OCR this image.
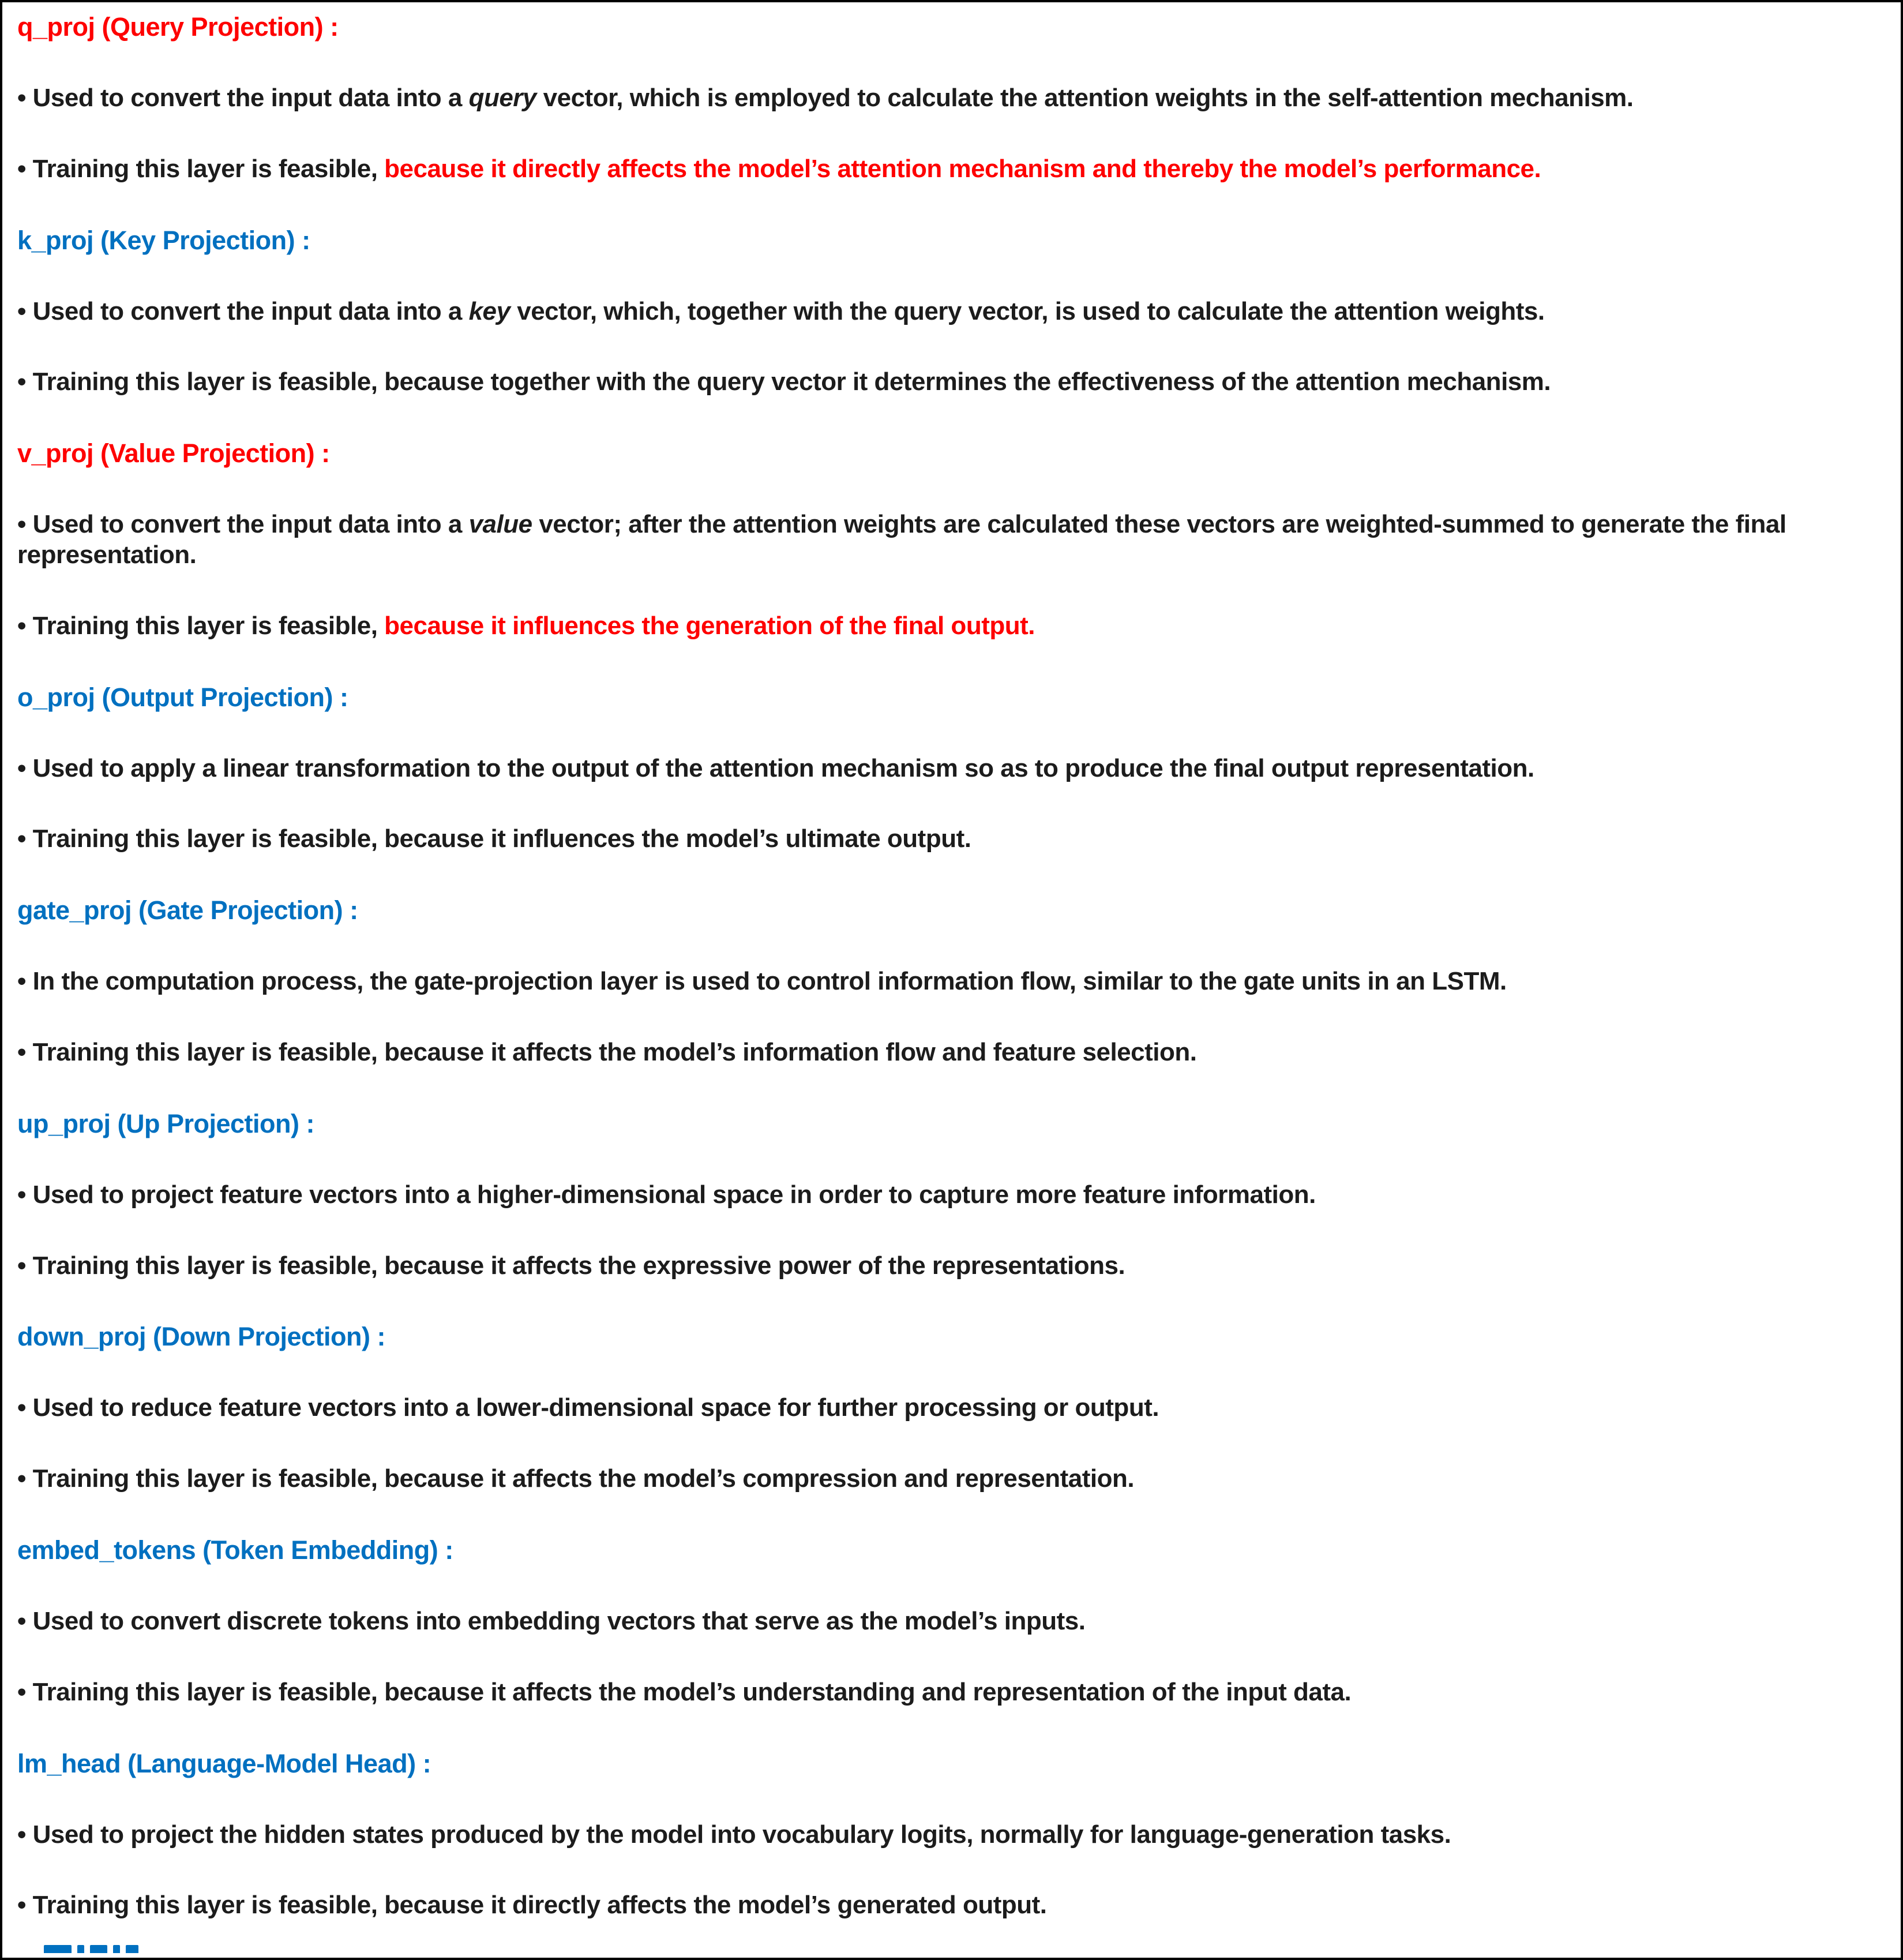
q_proj (Query Projection) :

• Used to convert the input data into a query vector, which is employed to calculate the attention weights in the self-attention mechanism.

• Training this layer is feasible, because it directly affects the model’s attention mechanism and thereby the model’s performance.

k_proj (Key Projection) :

• Used to convert the input data into a key vector, which, together with the query vector, is used to calculate the attention weights.

• Training this layer is feasible, because together with the query vector it determines the effectiveness of the attention mechanism.

v_proj (Value Projection) :

• Used to convert the input data into a value vector; after the attention weights are calculated these vectors are weighted-summed to generate the final representation.

• Training this layer is feasible, because it influences the generation of the final output.

o_proj (Output Projection) :

• Used to apply a linear transformation to the output of the attention mechanism so as to produce the final output representation.

• Training this layer is feasible, because it influences the model’s ultimate output.

gate_proj (Gate Projection) :

• In the computation process, the gate-projection layer is used to control information flow, similar to the gate units in an LSTM.

• Training this layer is feasible, because it affects the model’s information flow and feature selection.

up_proj (Up Projection) :

• Used to project feature vectors into a higher-dimensional space in order to capture more feature information.

• Training this layer is feasible, because it affects the expressive power of the representations.

down_proj (Down Projection) :

• Used to reduce feature vectors into a lower-dimensional space for further processing or output.

• Training this layer is feasible, because it affects the model’s compression and representation.

embed_tokens (Token Embedding) :

• Used to convert discrete tokens into embedding vectors that serve as the model’s inputs.

• Training this layer is feasible, because it affects the model’s understanding and representation of the input data.

lm_head (Language-Model Head) :

• Used to project the hidden states produced by the model into vocabulary logits, normally for language-generation tasks.

• Training this layer is feasible, because it directly affects the model’s generated output.
